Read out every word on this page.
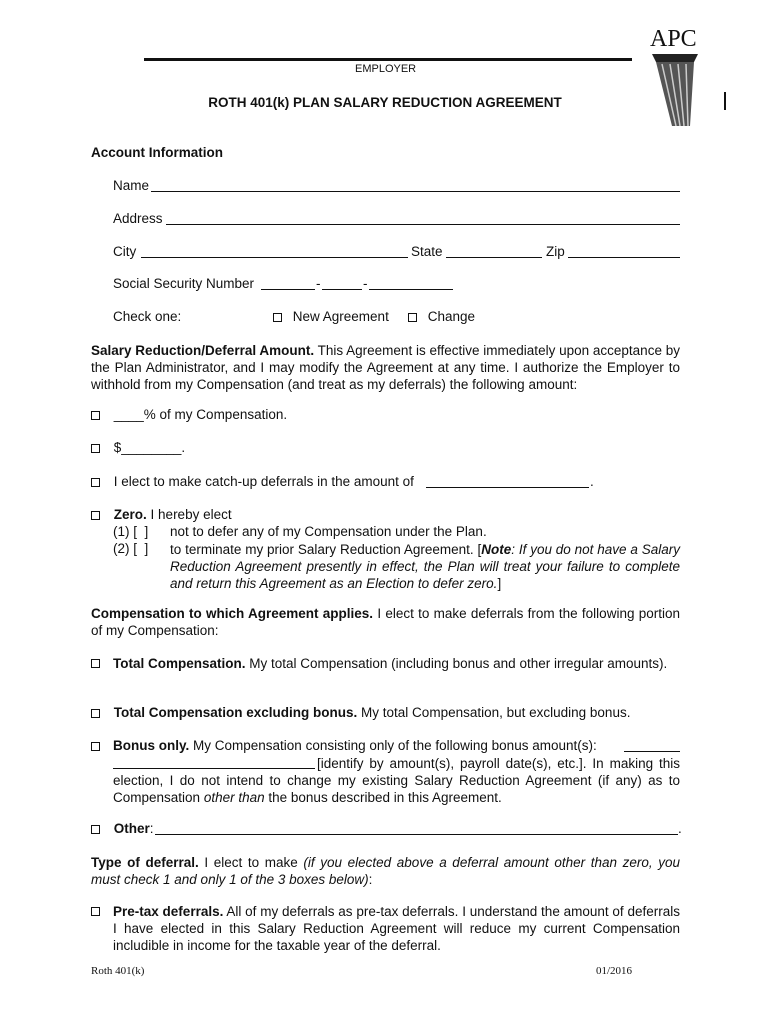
EMPLOYER
APC
ROTH 401(k) PLAN SALARY REDUCTION AGREEMENT
Account Information
Name
Address
City	State	Zip
Social Security Number	-	-
Check one:	New Agreement	Change
Salary Reduction/Deferral Amount. This Agreement is effective immediately upon acceptance by the Plan Administrator, and I may modify the Agreement at any time. I authorize the Employer to withhold from my Compensation (and treat as my deferrals) the following amount:
____% of my Compensation.
$________.
I elect to make catch-up deferrals in the amount of	.
Zero. I hereby elect
(1) [  ] not to defer any of my Compensation under the Plan.
(2) [  ] to terminate my prior Salary Reduction Agreement. [Note: If you do not have a Salary Reduction Agreement presently in effect, the Plan will treat your failure to complete and return this Agreement as an Election to defer zero.]
Compensation to which Agreement applies. I elect to make deferrals from the following portion of my Compensation:
Total Compensation. My total Compensation (including bonus and other irregular amounts).
Total Compensation excluding bonus. My total Compensation, but excluding bonus.
Bonus only. My Compensation consisting only of the following bonus amount(s):
[identify by amount(s), payroll date(s), etc.]. In making this election, I do not intend to change my existing Salary Reduction Agreement (if any) as to Compensation other than the bonus described in this Agreement.
Other:	.
Type of deferral. I elect to make (if you elected above a deferral amount other than zero, you must check 1 and only 1 of the 3 boxes below):
Pre-tax deferrals. All of my deferrals as pre-tax deferrals. I understand the amount of deferrals I have elected in this Salary Reduction Agreement will reduce my current Compensation includible in income for the taxable year of the deferral.
Roth 401(k)	01/2016
